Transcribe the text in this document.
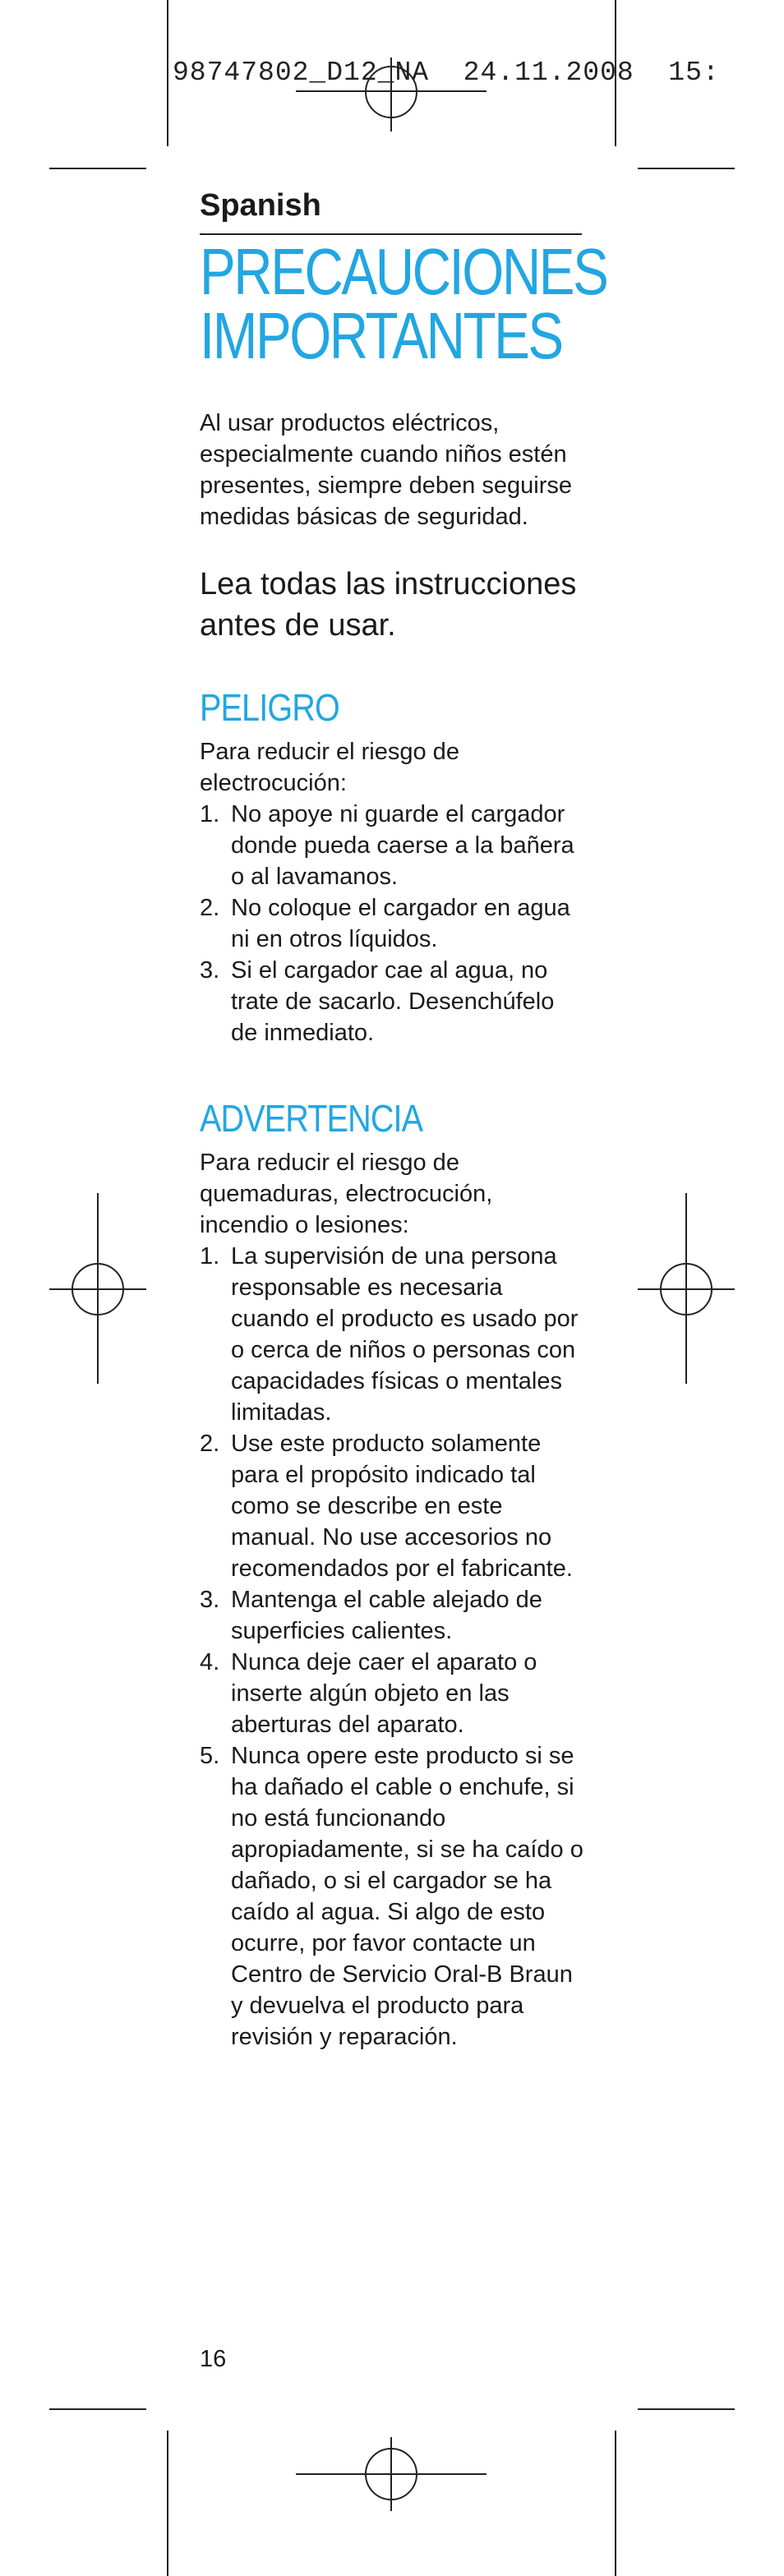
98747802_D12_NA  24.11.2008  15:
Spanish
PRECAUCIONES
IMPORTANTES

Al usar productos eléctricos, especialmente cuando niños estén presentes, siempre deben seguirse medidas básicas de seguridad.

Lea todas las instrucciones antes de usar.

PELIGRO

Para reducir el riesgo de electrocución:

1. No apoye ni guarde el cargador donde pueda caerse a la bañera o al lavamanos.
2. No coloque el cargador en agua ni en otros líquidos.
3. Si el cargador cae al agua, no trate de sacarlo. Desenchúfelo de inmediato.
ADVERTENCIA

Para reducir el riesgo de quemaduras, electrocución, incendio o lesiones:

1. La supervisión de una persona responsable es necesaria cuando el producto es usado por o cerca de niños o personas con capacidades físicas o mentales limitadas.
2. Use este producto solamente para el propósito indicado tal como se describe en este manual. No use accesorios no recomendados por el fabricante.
3. Mantenga el cable alejado de superficies calientes.
4. Nunca deje caer el aparato o inserte algún objeto en las aberturas del aparato.
5. Nunca opere este producto si se ha dañado el cable o enchufe, si no está funcionando apropiadamente, si se ha caído o dañado, o si el cargador se ha caído al agua. Si algo de esto ocurre, por favor contacte un Centro de Servicio Oral-B Braun y devuelva el producto para revisión y reparación.
16
